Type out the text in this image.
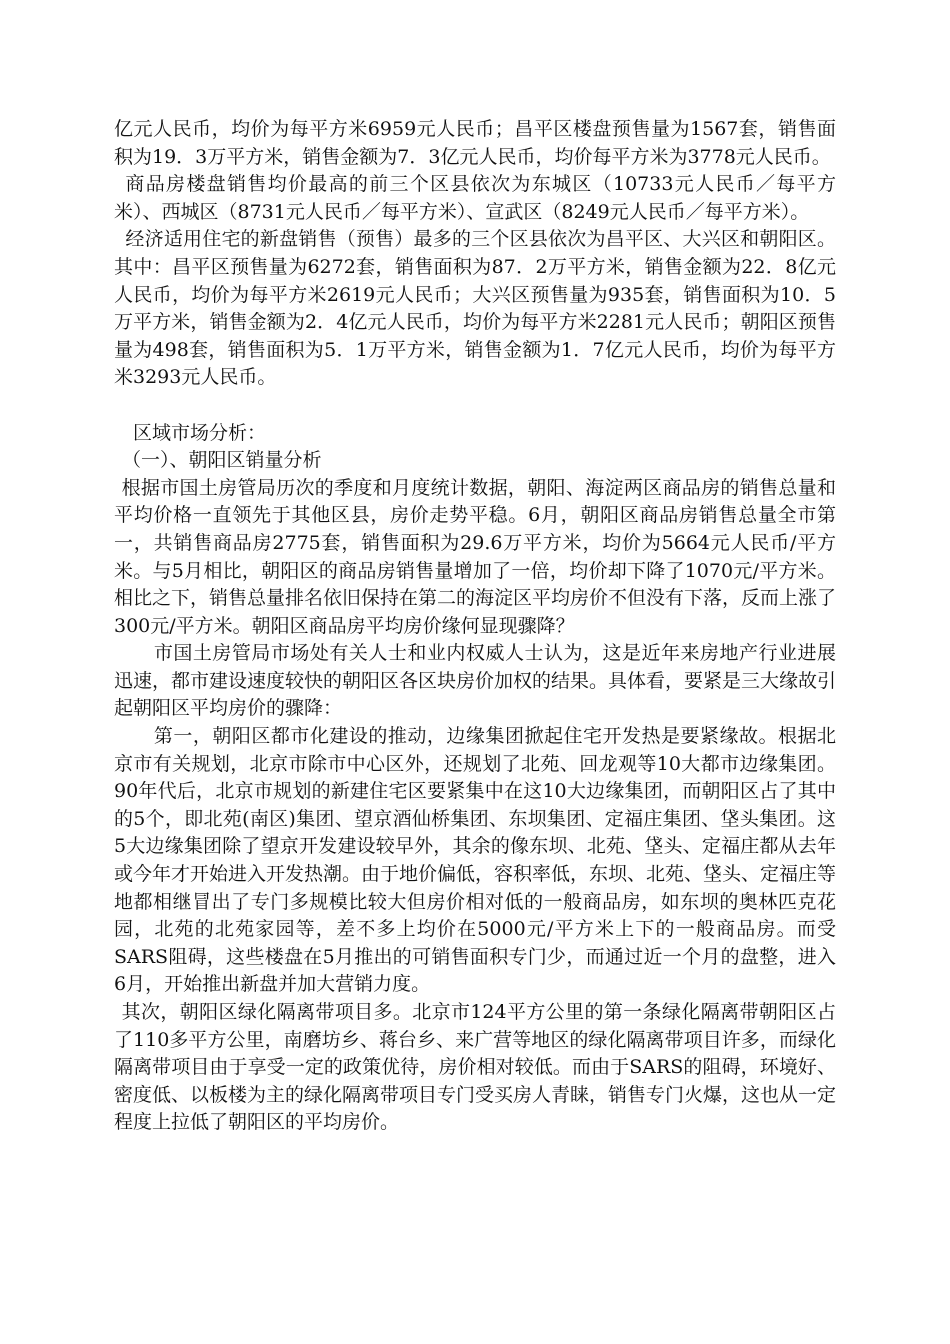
亿元人民币，均价为每平方米6959元人民币；昌平区楼盘预售量为1567套，销售面积为19．3万平方米，销售金额为7．3亿元人民币，均价每平方米为3778元人民币。

商品房楼盘销售均价最高的前三个区县依次为东城区（10733元人民币／每平方米）、西城区（8731元人民币／每平方米）、宣武区（8249元人民币／每平方米）。

经济适用住宅的新盘销售（预售）最多的三个区县依次为昌平区、大兴区和朝阳区。其中：昌平区预售量为6272套，销售面积为87．2万平方米，销售金额为22．8亿元人民币，均价为每平方米2619元人民币；大兴区预售量为935套，销售面积为10．5万平方米，销售金额为2．4亿元人民币，均价为每平方米2281元人民币；朝阳区预售量为498套，销售面积为5．1万平方米，销售金额为1．7亿元人民币，均价为每平方米3293元人民币。

区域市场分析：

（一）、朝阳区销量分析

根据市国土房管局历次的季度和月度统计数据，朝阳、海淀两区商品房的销售总量和平均价格一直领先于其他区县，房价走势平稳。6月，朝阳区商品房销售总量全市第一，共销售商品房2775套，销售面积为29.6万平方米，均价为5664元人民币/平方米。与5月相比，朝阳区的商品房销售量增加了一倍，均价却下降了1070元/平方米。相比之下，销售总量排名依旧保持在第二的海淀区平均房价不但没有下落，反而上涨了300元/平方米。朝阳区商品房平均房价缘何显现骤降？

市国土房管局市场处有关人士和业内权威人士认为，这是近年来房地产行业进展迅速，都市建设速度较快的朝阳区各区块房价加权的结果。具体看，要紧是三大缘故引起朝阳区平均房价的骤降：

第一，朝阳区都市化建设的推动，边缘集团掀起住宅开发热是要紧缘故。根据北京市有关规划，北京市除市中心区外，还规划了北苑、回龙观等10大都市边缘集团。90年代后，北京市规划的新建住宅区要紧集中在这10大边缘集团，而朝阳区占了其中的5个，即北苑(南区)集团、望京酒仙桥集团、东坝集团、定福庄集团、垡头集团。这5大边缘集团除了望京开发建设较早外，其余的像东坝、北苑、垡头、定福庄都从去年或今年才开始进入开发热潮。由于地价偏低，容积率低，东坝、北苑、垡头、定福庄等地都相继冒出了专门多规模比较大但房价相对低的一般商品房，如东坝的奥林匹克花园，北苑的北苑家园等，差不多上均价在5000元/平方米上下的一般商品房。而受SARS阻碍，这些楼盘在5月推出的可销售面积专门少，而通过近一个月的盘整，进入6月，开始推出新盘并加大营销力度。

其次，朝阳区绿化隔离带项目多。北京市124平方公里的第一条绿化隔离带朝阳区占了110多平方公里，南磨坊乡、蒋台乡、来广营等地区的绿化隔离带项目许多，而绿化隔离带项目由于享受一定的政策优待，房价相对较低。而由于SARS的阻碍，环境好、密度低、以板楼为主的绿化隔离带项目专门受买房人青睐，销售专门火爆，这也从一定程度上拉低了朝阳区的平均房价。
